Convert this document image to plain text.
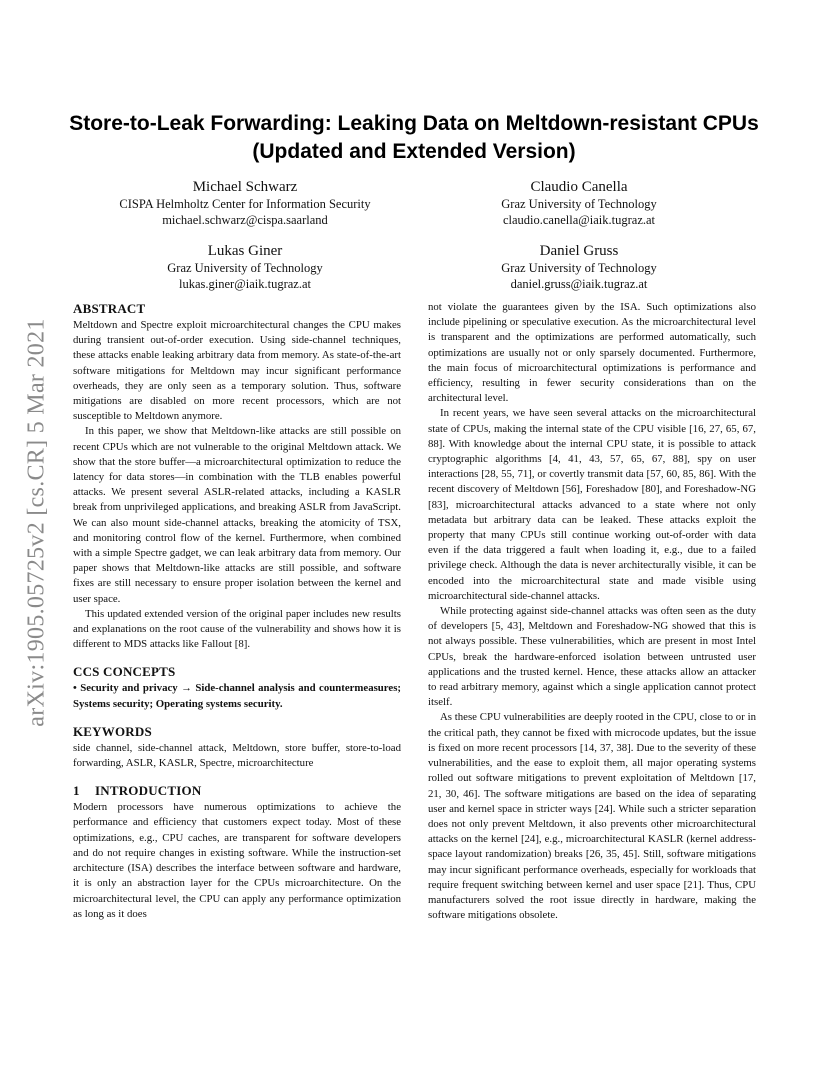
arXiv:1905.05725v2 [cs.CR] 5 Mar 2021
Store-to-Leak Forwarding: Leaking Data on Meltdown-resistant CPUs (Updated and Extended Version)
Michael Schwarz
CISPA Helmholtz Center for Information Security
michael.schwarz@cispa.saarland
Claudio Canella
Graz University of Technology
claudio.canella@iaik.tugraz.at
Lukas Giner
Graz University of Technology
lukas.giner@iaik.tugraz.at
Daniel Gruss
Graz University of Technology
daniel.gruss@iaik.tugraz.at
ABSTRACT

Meltdown and Spectre exploit microarchitectural changes the CPU makes during transient out-of-order execution. Using side-channel techniques, these attacks enable leaking arbitrary data from memory. As state-of-the-art software mitigations for Meltdown may incur significant performance overheads, they are only seen as a temporary solution. Thus, software mitigations are disabled on more recent processors, which are not susceptible to Meltdown anymore.

In this paper, we show that Meltdown-like attacks are still possible on recent CPUs which are not vulnerable to the original Meltdown attack. We show that the store buffer—a microarchitectural optimization to reduce the latency for data stores—in combination with the TLB enables powerful attacks. We present several ASLR-related attacks, including a KASLR break from unprivileged applications, and breaking ASLR from JavaScript. We can also mount side-channel attacks, breaking the atomicity of TSX, and monitoring control flow of the kernel. Furthermore, when combined with a simple Spectre gadget, we can leak arbitrary data from memory. Our paper shows that Meltdown-like attacks are still possible, and software fixes are still necessary to ensure proper isolation between the kernel and user space.

This updated extended version of the original paper includes new results and explanations on the root cause of the vulnerability and shows how it is different to MDS attacks like Fallout [8].

CCS CONCEPTS

• Security and privacy → Side-channel analysis and countermeasures; Systems security; Operating systems security.

KEYWORDS

side channel, side-channel attack, Meltdown, store buffer, store-to-load forwarding, ASLR, KASLR, Spectre, microarchitecture

1 INTRODUCTION

Modern processors have numerous optimizations to achieve the performance and efficiency that customers expect today. Most of these optimizations, e.g., CPU caches, are transparent for software developers and do not require changes in existing software. While the instruction-set architecture (ISA) describes the interface between software and hardware, it is only an abstraction layer for the CPUs microarchitecture. On the microarchitectural level, the CPU can apply any performance optimization as long as it does

not violate the guarantees given by the ISA. Such optimizations also include pipelining or speculative execution. As the microarchitectural level is transparent and the optimizations are performed automatically, such optimizations are usually not or only sparsely documented. Furthermore, the main focus of microarchitectural optimizations is performance and efficiency, resulting in fewer security considerations than on the architectural level.

In recent years, we have seen several attacks on the microarchitectural state of CPUs, making the internal state of the CPU visible [16, 27, 65, 67, 88]. With knowledge about the internal CPU state, it is possible to attack cryptographic algorithms [4, 41, 43, 57, 65, 67, 88], spy on user interactions [28, 55, 71], or covertly transmit data [57, 60, 85, 86]. With the recent discovery of Meltdown [56], Foreshadow [80], and Foreshadow-NG [83], microarchitectural attacks advanced to a state where not only metadata but arbitrary data can be leaked. These attacks exploit the property that many CPUs still continue working out-of-order with data even if the data triggered a fault when loading it, e.g., due to a failed privilege check. Although the data is never architecturally visible, it can be encoded into the microarchitectural state and made visible using microarchitectural side-channel attacks.

While protecting against side-channel attacks was often seen as the duty of developers [5, 43], Meltdown and Foreshadow-NG showed that this is not always possible. These vulnerabilities, which are present in most Intel CPUs, break the hardware-enforced isolation between untrusted user applications and the trusted kernel. Hence, these attacks allow an attacker to read arbitrary memory, against which a single application cannot protect itself.

As these CPU vulnerabilities are deeply rooted in the CPU, close to or in the critical path, they cannot be fixed with microcode updates, but the issue is fixed on more recent processors [14, 37, 38]. Due to the severity of these vulnerabilities, and the ease to exploit them, all major operating systems rolled out software mitigations to prevent exploitation of Meltdown [17, 21, 30, 46]. The software mitigations are based on the idea of separating user and kernel space in stricter ways [24]. While such a stricter separation does not only prevent Meltdown, it also prevents other microarchitectural attacks on the kernel [24], e.g., microarchitectural KASLR (kernel address-space layout randomization) breaks [26, 35, 45]. Still, software mitigations may incur significant performance overheads, especially for workloads that require frequent switching between kernel and user space [21]. Thus, CPU manufacturers solved the root issue directly in hardware, making the software mitigations obsolete.
